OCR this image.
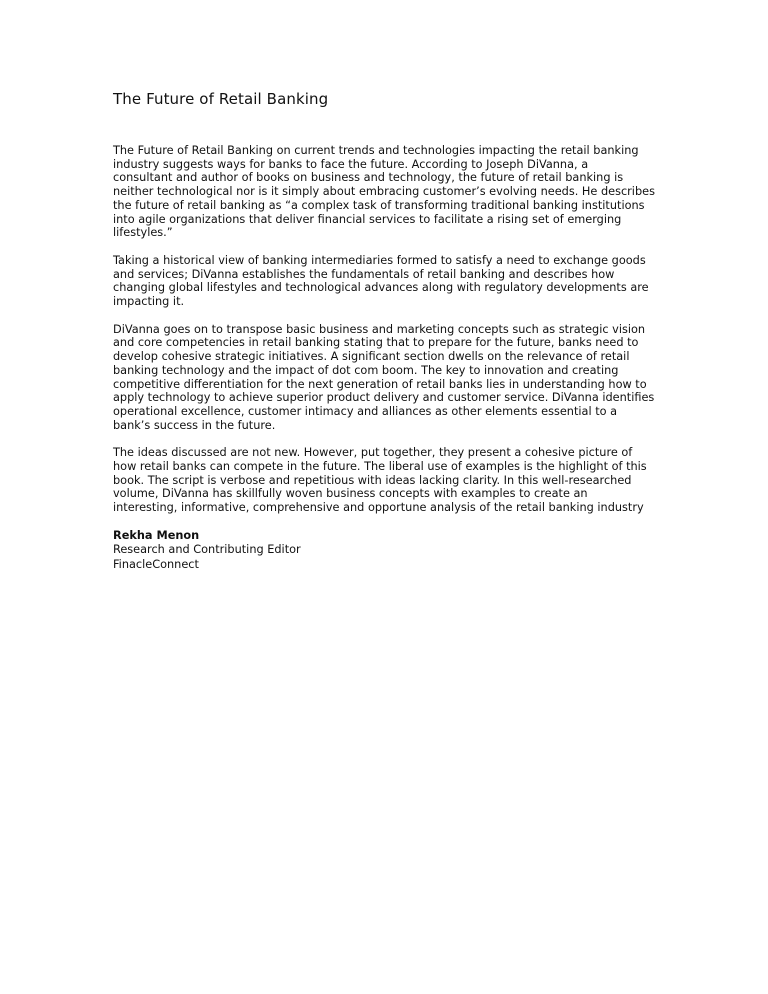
The Future of Retail Banking

The Future of Retail Banking on current trends and technologies impacting the retail banking
industry suggests ways for banks to face the future. According to Joseph DiVanna, a
consultant and author of books on business and technology, the future of retail banking is
neither technological nor is it simply about embracing customer’s evolving needs. He describes
the future of retail banking as “a complex task of transforming traditional banking institutions
into agile organizations that deliver financial services to facilitate a rising set of emerging
lifestyles.”

Taking a historical view of banking intermediaries formed to satisfy a need to exchange goods
and services; DiVanna establishes the fundamentals of retail banking and describes how
changing global lifestyles and technological advances along with regulatory developments are
impacting it.

DiVanna goes on to transpose basic business and marketing concepts such as strategic vision
and core competencies in retail banking stating that to prepare for the future, banks need to
develop cohesive strategic initiatives. A significant section dwells on the relevance of retail
banking technology and the impact of dot com boom. The key to innovation and creating
competitive differentiation for the next generation of retail banks lies in understanding how to
apply technology to achieve superior product delivery and customer service. DiVanna identifies
operational excellence, customer intimacy and alliances as other elements essential to a
bank’s success in the future.

The ideas discussed are not new. However, put together, they present a cohesive picture of
how retail banks can compete in the future. The liberal use of examples is the highlight of this
book. The script is verbose and repetitious with ideas lacking clarity. In this well-researched
volume, DiVanna has skillfully woven business concepts with examples to create an
interesting, informative, comprehensive and opportune analysis of the retail banking industry

Rekha Menon
Research and Contributing Editor
FinacleConnect
